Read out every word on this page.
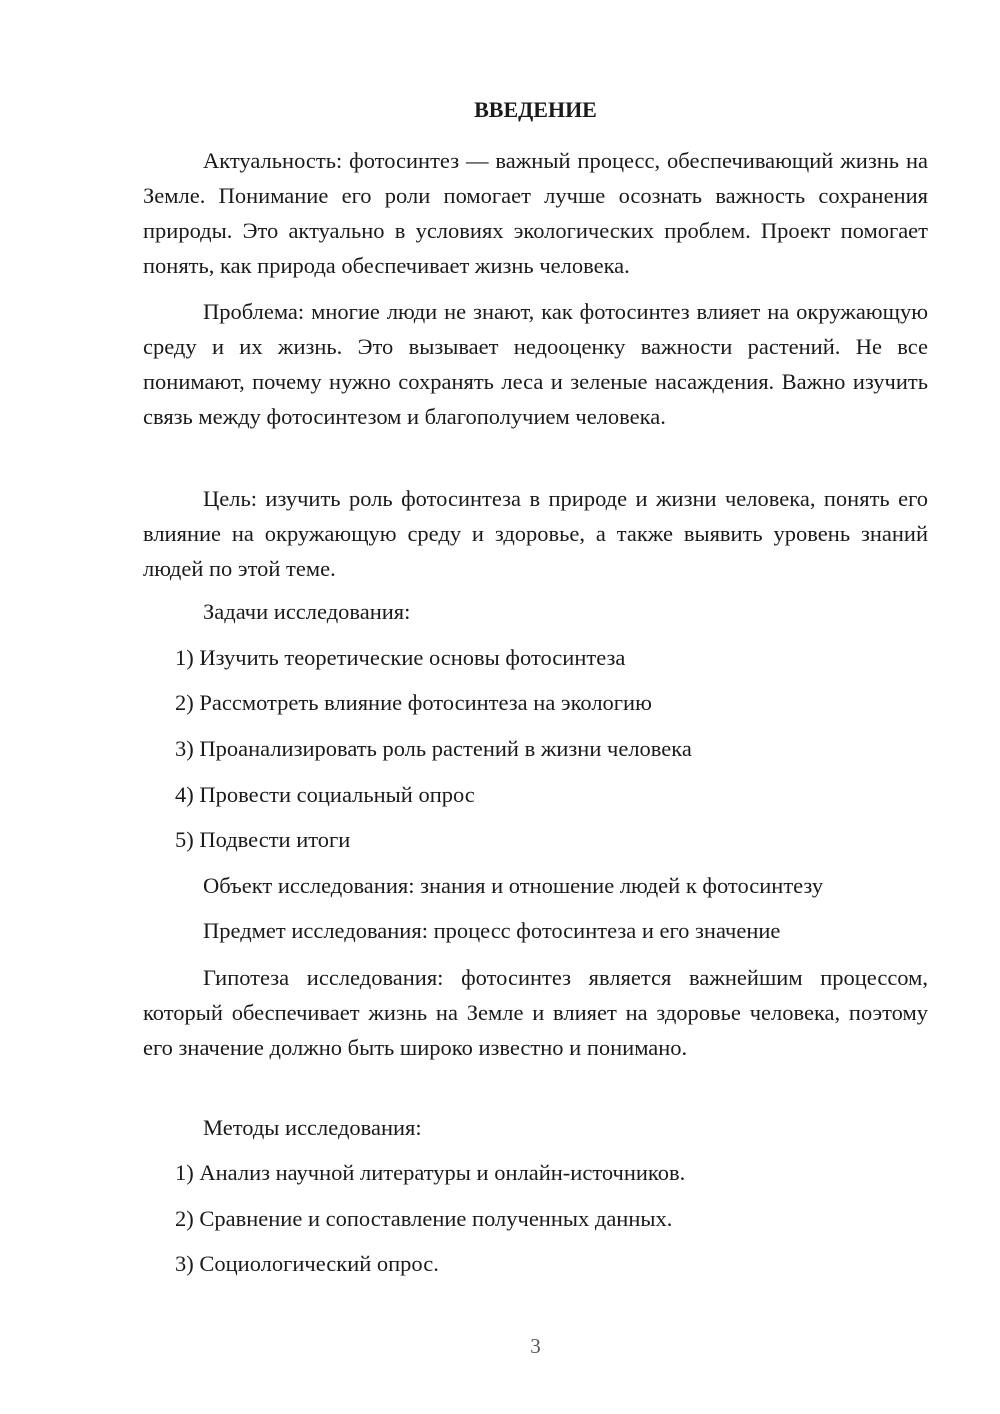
ВВЕДЕНИЕ

Актуальность: фотосинтез — важный процесс, обеспечивающий жизнь на Земле. Понимание его роли помогает лучше осознать важность сохранения природы. Это актуально в условиях экологических проблем. Проект помогает понять, как природа обеспечивает жизнь человека.

Проблема: многие люди не знают, как фотосинтез влияет на окружающую среду и их жизнь. Это вызывает недооценку важности растений. Не все понимают, почему нужно сохранять леса и зеленые насаждения. Важно изучить связь между фотосинтезом и благополучием человека.

Цель: изучить роль фотосинтеза в природе и жизни человека, понять его влияние на окружающую среду и здоровье, а также выявить уровень знаний людей по этой теме.

Задачи исследования:

1) Изучить теоретические основы фотосинтеза

2) Рассмотреть влияние фотосинтеза на экологию

3) Проанализировать роль растений в жизни человека

4) Провести социальный опрос

5) Подвести итоги

Объект исследования: знания и отношение людей к фотосинтезу

Предмет исследования: процесс фотосинтеза и его значение

Гипотеза исследования: фотосинтез является важнейшим процессом, который обеспечивает жизнь на Земле и влияет на здоровье человека, поэтому его значение должно быть широко известно и понимано.

Методы исследования:

1) Анализ научной литературы и онлайн-источников.

2) Сравнение и сопоставление полученных данных.

3) Социологический опрос.

3
